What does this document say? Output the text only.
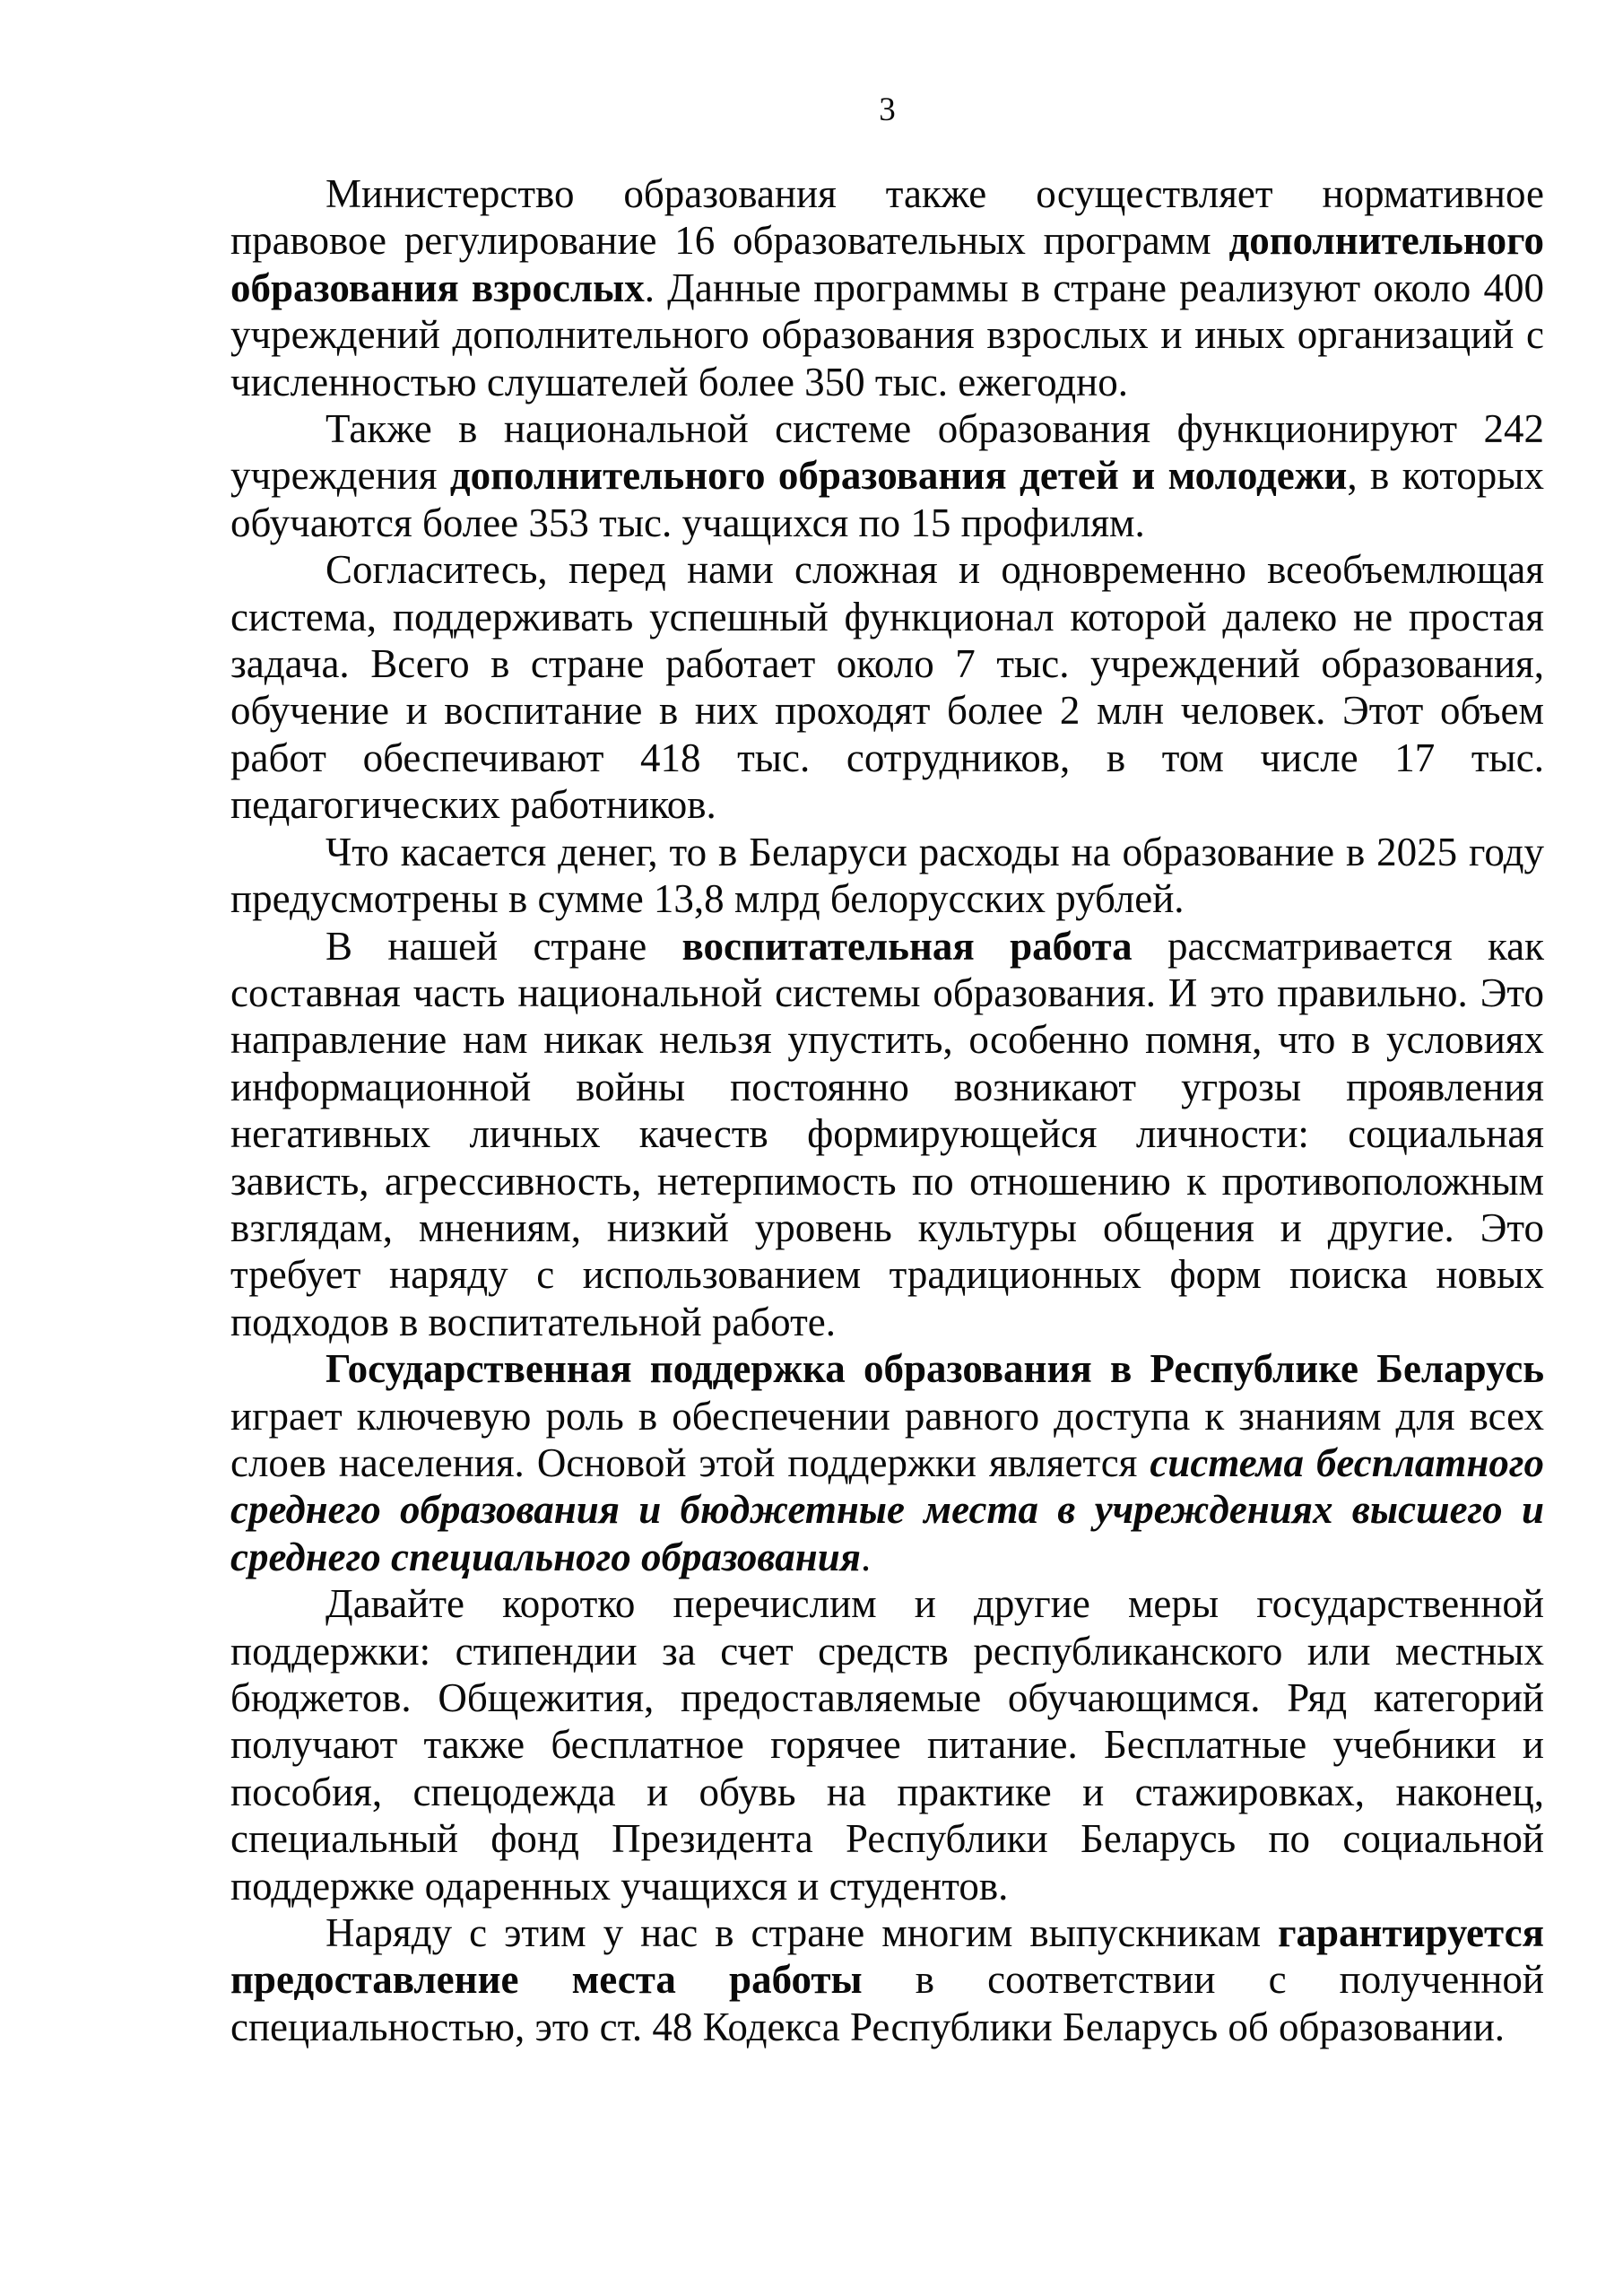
3

Министерство образования также осуществляет нормативное правовое регулирование 16 образовательных программ дополнительного образования взрослых. Данные программы в стране реализуют около 400 учреждений дополнительного образования взрослых и иных организаций с численностью слушателей более 350 тыс. ежегодно.

Также в национальной системе образования функционируют 242 учреждения дополнительного образования детей и молодежи, в которых обучаются более 353 тыс. учащихся по 15 профилям.

Согласитесь, перед нами сложная и одновременно всеобъемлющая система, поддерживать успешный функционал которой далеко не простая задача. Всего в стране работает около 7 тыс. учреждений образования, обучение и воспитание в них проходят более 2 млн человек. Этот объем работ обеспечивают 418 тыс. сотрудников, в том числе 17 тыс. педагогических работников.

Что касается денег, то в Беларуси расходы на образование в 2025 году предусмотрены в сумме 13,8 млрд белорусских рублей.

В нашей стране воспитательная работа рассматривается как составная часть национальной системы образования. И это правильно. Это направление нам никак нельзя упустить, особенно помня, что в условиях информационной войны постоянно возникают угрозы проявления негативных личных качеств формирующейся личности: социальная зависть, агрессивность, нетерпимость по отношению к противоположным взглядам, мнениям, низкий уровень культуры общения и другие. Это требует наряду с использованием традиционных форм поиска новых подходов в воспитательной работе.

Государственная поддержка образования в Республике Беларусь играет ключевую роль в обеспечении равного доступа к знаниям для всех слоев населения. Основой этой поддержки является система бесплатного среднего образования и бюджетные места в учреждениях высшего и среднего специального образования.

Давайте коротко перечислим и другие меры государственной поддержки: стипендии за счет средств республиканского или местных бюджетов. Общежития, предоставляемые обучающимся. Ряд категорий получают также бесплатное горячее питание. Бесплатные учебники и пособия, спецодежда и обувь на практике и стажировках, наконец, специальный фонд Президента Республики Беларусь по социальной поддержке одаренных учащихся и студентов.

Наряду с этим у нас в стране многим выпускникам гарантируется предоставление места работы в соответствии с полученной специальностью, это ст. 48 Кодекса Республики Беларусь об образовании.
